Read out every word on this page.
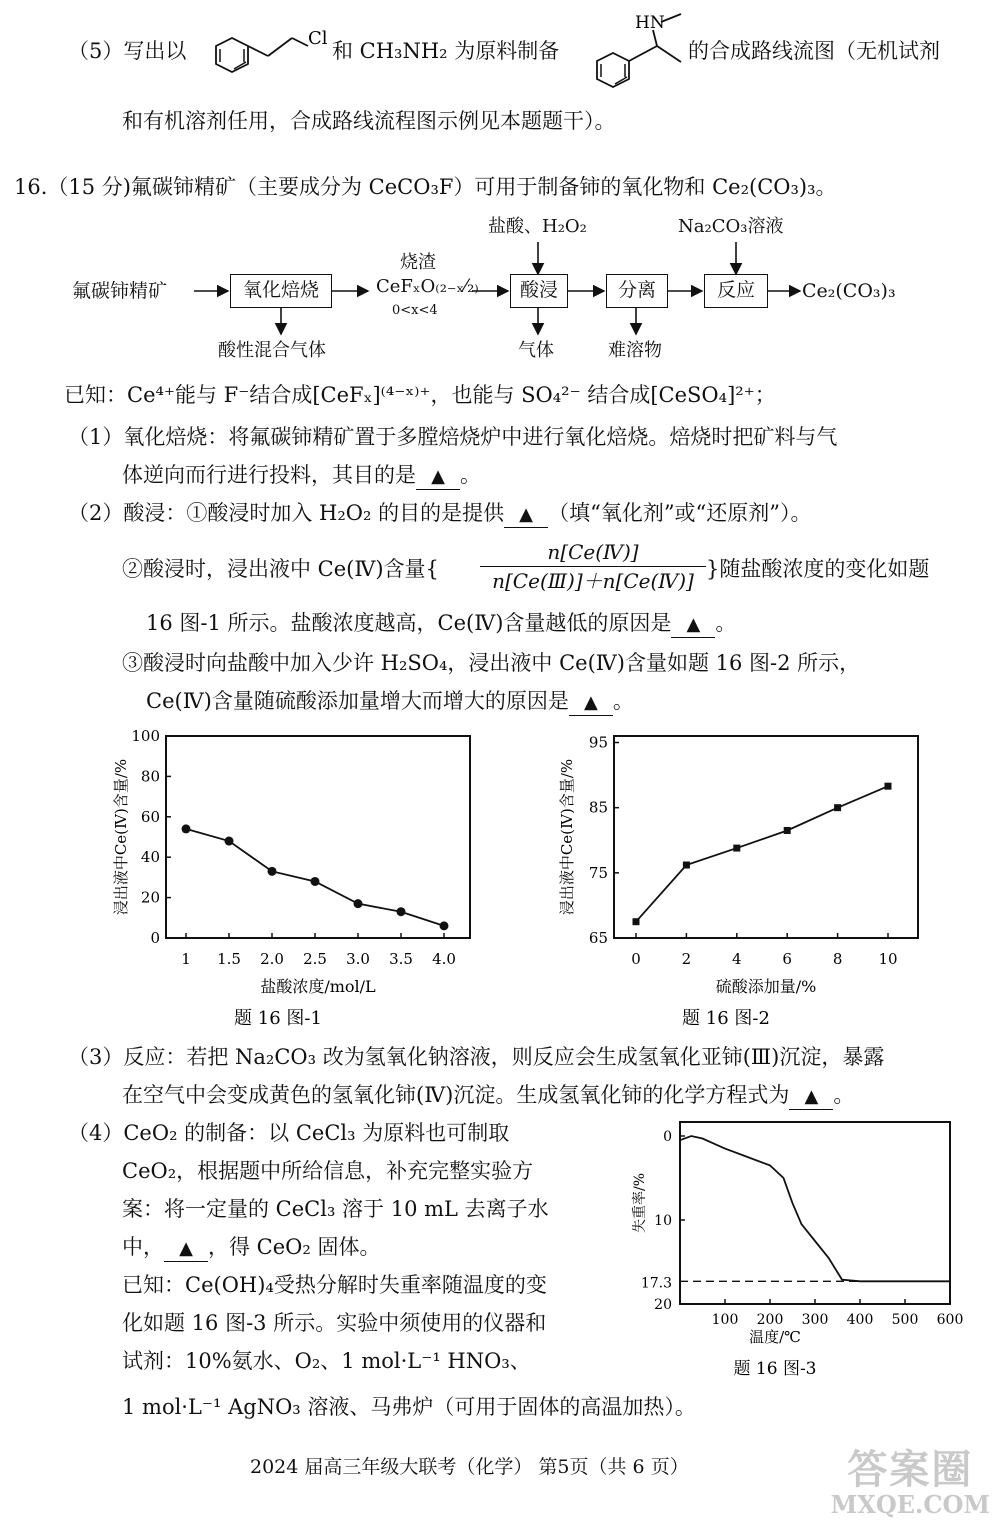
（5）写出以
Cl
和 CH₃NH₂ 为原料制备
HN
的合成路线流图（无机试剂
和有机溶剂任用，合成路线流程图示例见本题题干）。
16.（15 分)氟碳铈精矿（主要成分为 CeCO₃F）可用于制备铈的氧化物和 Ce₂(CO₃)₃。
氟碳铈精矿	氧化焙烧
酸性混合气体
烧渣
CeFₓO₍₂₋ₓ⁄₂₎
0<x<4
盐酸、H₂O₂
酸浸
气体
分离
难溶物
Na₂CO₃溶液
反应	Ce₂(CO₃)₃
已知：Ce⁴⁺能与 F⁻结合成[CeFₓ]⁽⁴⁻ˣ⁾⁺，也能与 SO₄²⁻ 结合成[CeSO₄]²⁺；
（1）氧化焙烧：将氟碳铈精矿置于多膛焙烧炉中进行氧化焙烧。焙烧时把矿料与气
体逆向而行进行投料，其目的是 ▲ 。
（2）酸浸：①酸浸时加入 H₂O₂ 的目的是提供 ▲ （填“氧化剂”或“还原剂”）。
②酸浸时，浸出液中 Ce(Ⅳ)含量{ $\frac{\text{n[Ce(Ⅳ)]}}{\text{n[Ce(Ⅲ)]＋n[Ce(Ⅳ)]}}$ }随盐酸浓度的变化如题
16 图-1 所示。盐酸浓度越高，Ce(Ⅳ)含量越低的原因是 ▲ 。
③酸浸时向盐酸中加入少许 H₂SO₄，浸出液中 Ce(Ⅳ)含量如题 16 图-2 所示，
Ce(Ⅳ)含量随硫酸添加量增大而增大的原因是 ▲ 。
0
20
40
60
80
100
1 1.5 2.0 2.5 3.0 3.5 4.0
浸出液中Ce(Ⅳ)含量/%
盐酸浓度/mol/L
题 16 图-1
65
75
85
95
0	2	4	6	8 10
浸出液中Ce(Ⅳ)含量/%
硫酸添加量/%
题 16 图-2
（3）反应：若把 Na₂CO₃ 改为氢氧化钠溶液，则反应会生成氢氧化亚铈(Ⅲ)沉淀，暴露
在空气中会变成黄色的氢氧化铈(Ⅳ)沉淀。生成氢氧化铈的化学方程式为 ▲ 。
（4）CeO₂ 的制备：以 CeCl₃ 为原料也可制取
CeO₂，根据题中所给信息，补充完整实验方
案：将一定量的 CeCl₃ 溶于 10 mL 去离子水
中， ▲ ，得 CeO₂ 固体。
已知：Ce(OH)₄受热分解时失重率随温度的变
化如题 16 图-3 所示。实验中须使用的仪器和
试剂：10%氨水、O₂、1 mol·L⁻¹ HNO₃、
1 mol·L⁻¹ AgNO₃ 溶液、马弗炉（可用于固体的高温加热）。
0
10
20
17.3
100 200 300 400 500 600
失重率/%
温度/℃
题 16 图-3
2024 届高三年级大联考（化学） 第5页（共 6 页）	答案圈
MXQE.COM
